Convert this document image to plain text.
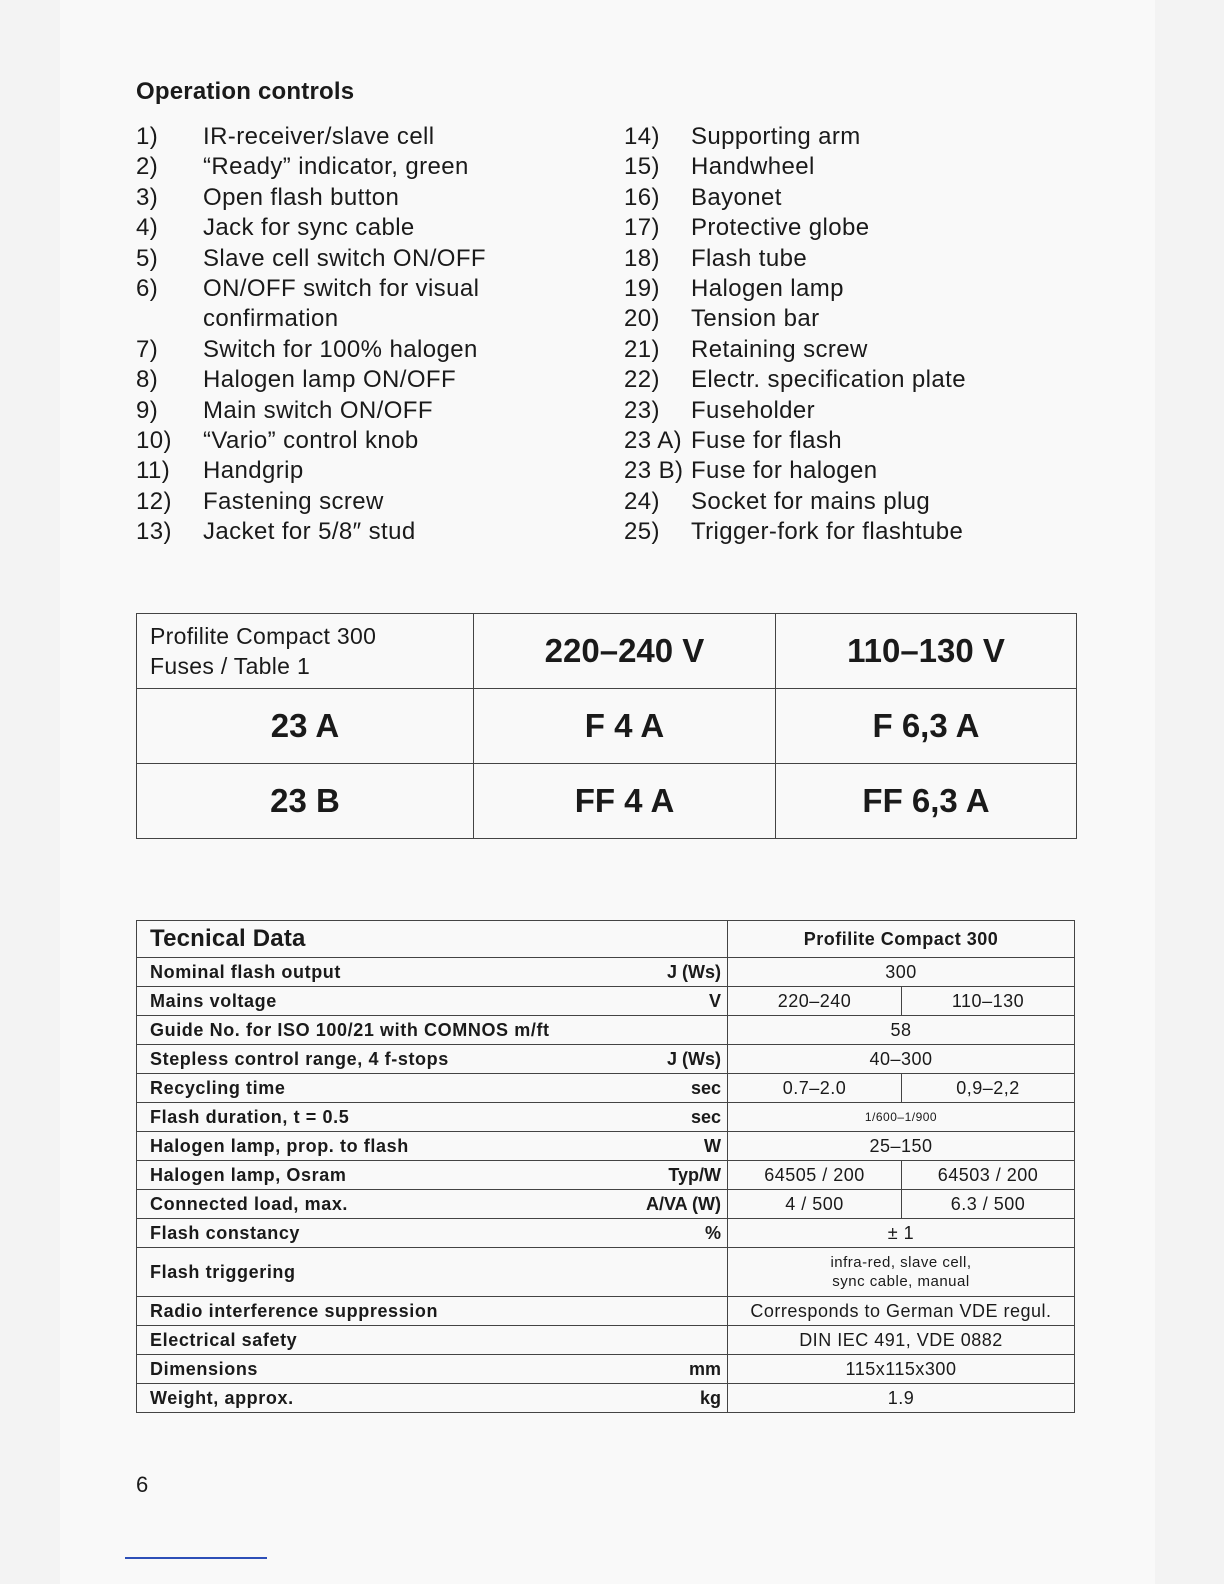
Operation controls
1)	IR-receiver/slave cell
2)	“Ready” indicator, green
3)	Open flash button
4)	Jack for sync cable
5)	Slave cell switch ON/OFF
6)	ON/OFF switch for visual
confirmation
7)	Switch for 100% halogen
8)	Halogen lamp ON/OFF
9)	Main switch ON/OFF
10)	“Vario” control knob
11)	Handgrip
12)	Fastening screw
13)	Jacket for 5/8″ stud
14)	Supporting arm
15)	Handwheel
16)	Bayonet
17)	Protective globe
18)	Flash tube
19)	Halogen lamp
20)	Tension bar
21)	Retaining screw
22)	Electr. specification plate
23)	Fuseholder
23 A) Fuse for flash
23 B) Fuse for halogen
24)	Socket for mains plug
25)	Trigger-fork for flashtube
Profilite Compact 300
Fuses / Table 1	220–240 V	110–130 V
23 A	F 4 A	F 6,3 A
23 B	FF 4 A	FF 6,3 A
Tecnical Data		Profilite Compact 300	
Nominal flash output	J (Ws)	300	
Mains voltage	V	220–240	110–130
Guide No. for ISO 100/21 with COMNOS m/ft		58	
Stepless control range, 4 f-stops	J (Ws)	40–300	
Recycling time	sec	0.7–2.0	0,9–2,2
Flash duration, t = 0.5	sec	1/600–1/900	
Halogen lamp, prop. to flash	W	25–150	
Halogen lamp, Osram	Typ/W	64505 / 200	64503 / 200
Connected load, max.	A/VA (W)	4 / 500	6.3 / 500
Flash constancy	%	± 1	
Flash triggering		infra-red, slave cell,
sync cable, manual	

Radio interference suppression		Corresponds to German VDE regul.	
Electrical safety		DIN IEC 491, VDE 0882	
Dimensions	mm	115x115x300	
Weight, approx.	kg	1.9	
6
